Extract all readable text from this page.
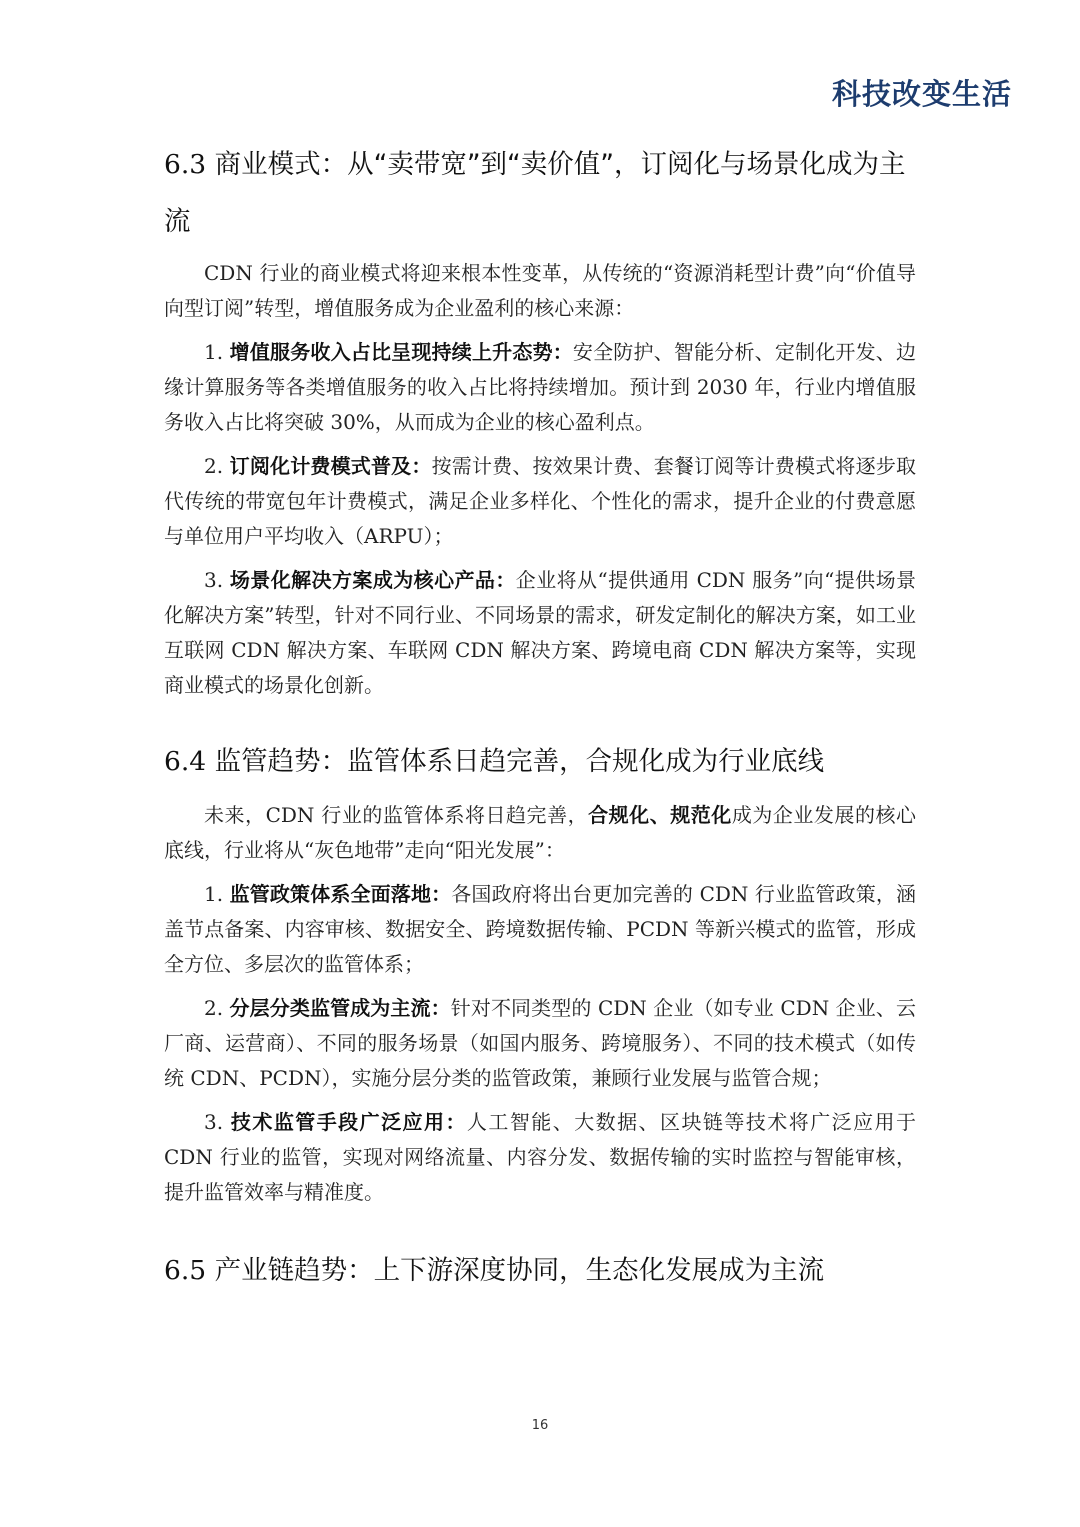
科技改变生活
6.3 商业模式：从“卖带宽”到“卖价值”，订阅化与场景化成为主流

CDN 行业的商业模式将迎来根本性变革，从传统的“资源消耗型计费”向“价值导向型订阅”转型，增值服务成为企业盈利的核心来源：

1. 增值服务收入占比呈现持续上升态势：安全防护、智能分析、定制化开发、边缘计算服务等各类增值服务的收入占比将持续增加。预计到 2030 年，行业内增值服务收入占比将突破 30%，从而成为企业的核心盈利点。

2. 订阅化计费模式普及：按需计费、按效果计费、套餐订阅等计费模式将逐步取代传统的带宽包年计费模式，满足企业多样化、个性化的需求，提升企业的付费意愿与单位用户平均收入（ARPU）；

3. 场景化解决方案成为核心产品：企业将从“提供通用 CDN 服务”向“提供场景化解决方案”转型，针对不同行业、不同场景的需求，研发定制化的解决方案，如工业互联网 CDN 解决方案、车联网 CDN 解决方案、跨境电商 CDN 解决方案等，实现商业模式的场景化创新。

6.4 监管趋势：监管体系日趋完善，合规化成为行业底线

未来，CDN 行业的监管体系将日趋完善，合规化、规范化成为企业发展的核心底线，行业将从“灰色地带”走向“阳光发展”：

1. 监管政策体系全面落地：各国政府将出台更加完善的 CDN 行业监管政策，涵盖节点备案、内容审核、数据安全、跨境数据传输、PCDN 等新兴模式的监管，形成全方位、多层次的监管体系；

2. 分层分类监管成为主流：针对不同类型的 CDN 企业（如专业 CDN 企业、云厂商、运营商）、不同的服务场景（如国内服务、跨境服务）、不同的技术模式（如传统 CDN、PCDN），实施分层分类的监管政策，兼顾行业发展与监管合规；

3. 技术监管手段广泛应用：人工智能、大数据、区块链等技术将广泛应用于 CDN 行业的监管，实现对网络流量、内容分发、数据传输的实时监控与智能审核，提升监管效率与精准度。

6.5 产业链趋势：上下游深度协同，生态化发展成为主流
16
